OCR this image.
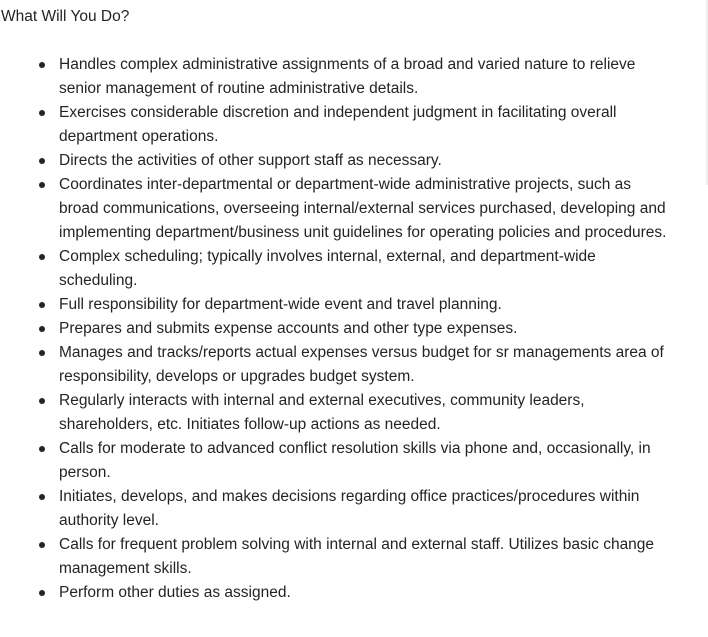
What Will You Do?
Handles complex administrative assignments of a broad and varied nature to relieve senior management of routine administrative details.
Exercises considerable discretion and independent judgment in facilitating overall department operations.
Directs the activities of other support staff as necessary.
Coordinates inter-departmental or department-wide administrative projects, such as broad communications, overseeing internal/external services purchased, developing and implementing department/business unit guidelines for operating policies and procedures.
Complex scheduling; typically involves internal, external, and department-wide scheduling.
Full responsibility for department-wide event and travel planning.
Prepares and submits expense accounts and other type expenses.
Manages and tracks/reports actual expenses versus budget for sr managements area of responsibility, develops or upgrades budget system.
Regularly interacts with internal and external executives, community leaders, shareholders, etc. Initiates follow-up actions as needed.
Calls for moderate to advanced conflict resolution skills via phone and, occasionally, in person.
Initiates, develops, and makes decisions regarding office practices/procedures within authority level.
Calls for frequent problem solving with internal and external staff. Utilizes basic change management skills.
Perform other duties as assigned.
